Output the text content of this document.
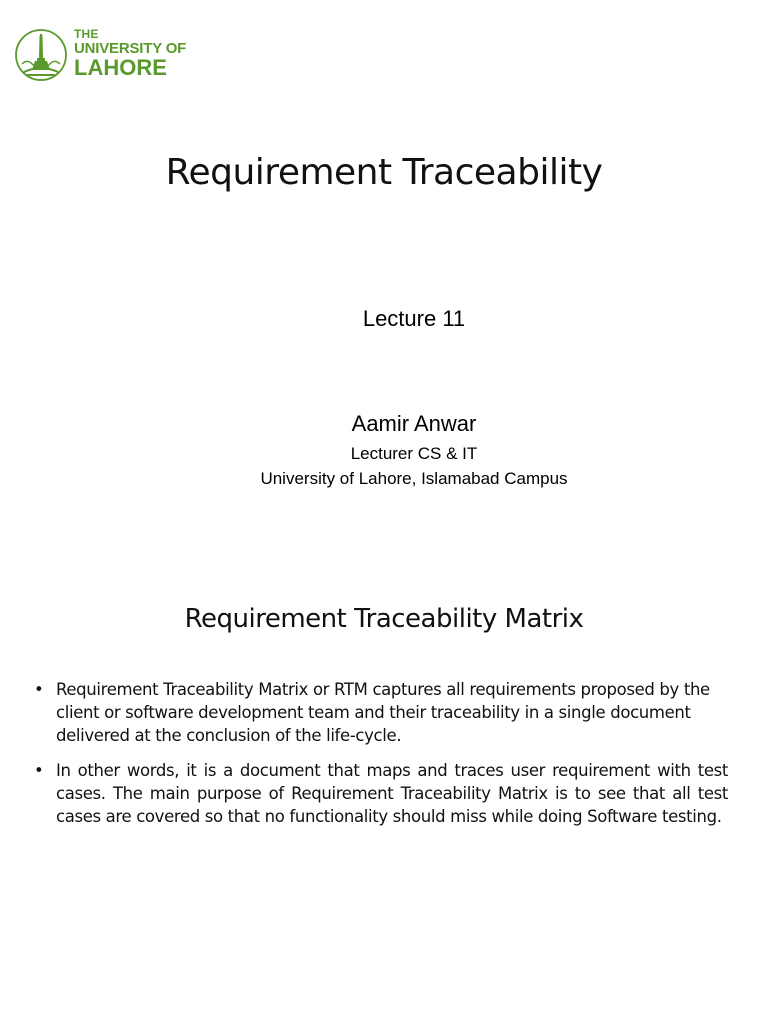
THE
UNIVERSITY OF
LAHORE
Requirement Traceability
Lecture 11
Aamir Anwar
Lecturer CS & IT
University of Lahore, Islamabad Campus
Requirement Traceability Matrix
• Requirement Traceability Matrix or RTM captures all requirements proposed by the client or software development team and their traceability in a single document delivered at the conclusion of the life-cycle.
• In other words, it is a document that maps and traces user requirement with test cases. The main purpose of Requirement Traceability Matrix is to see that all test cases are covered so that no functionality should miss while doing Software testing.
